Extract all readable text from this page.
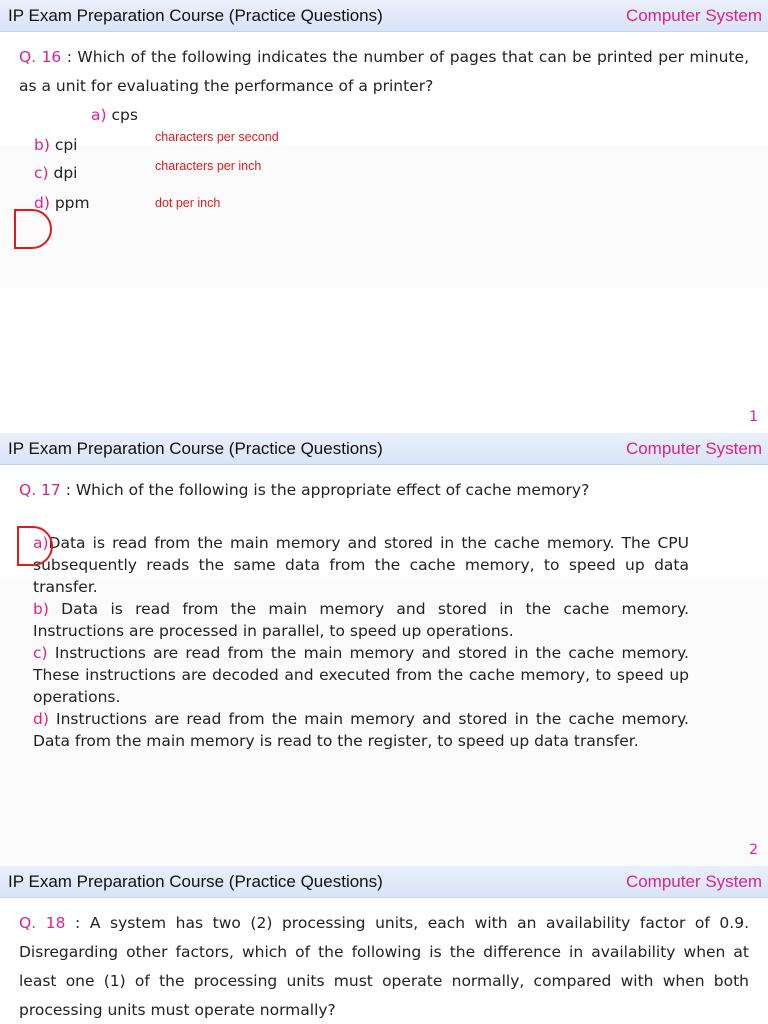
IP Exam Preparation Course (Practice Questions)	Computer System
Q. 16 : Which of the following indicates the number of pages that can be printed per minute, as a unit for evaluating the performance of a printer?
a) cps
b) cpi
c) dpi
d) ppm
characters per second
characters per inch
dot per inch
1
IP Exam Preparation Course (Practice Questions)	Computer System
Q. 17 : Which of the following is the appropriate effect of cache memory?

a)Data is read from the main memory and stored in the cache memory. The CPU subsequently reads the same data from the cache memory, to speed up data transfer.

b) Data is read from the main memory and stored in the cache memory. Instructions are processed in parallel, to speed up operations.

c) Instructions are read from the main memory and stored in the cache memory. These instructions are decoded and executed from the cache memory, to speed up operations.

d) Instructions are read from the main memory and stored in the cache memory. Data from the main memory is read to the register, to speed up data transfer.

2
IP Exam Preparation Course (Practice Questions)	Computer System
Q. 18 : A system has two (2) processing units, each with an availability factor of 0.9. Disregarding other factors, which of the following is the difference in availability when at least one (1) of the processing units must operate normally, compared with when both processing units must operate normally?
